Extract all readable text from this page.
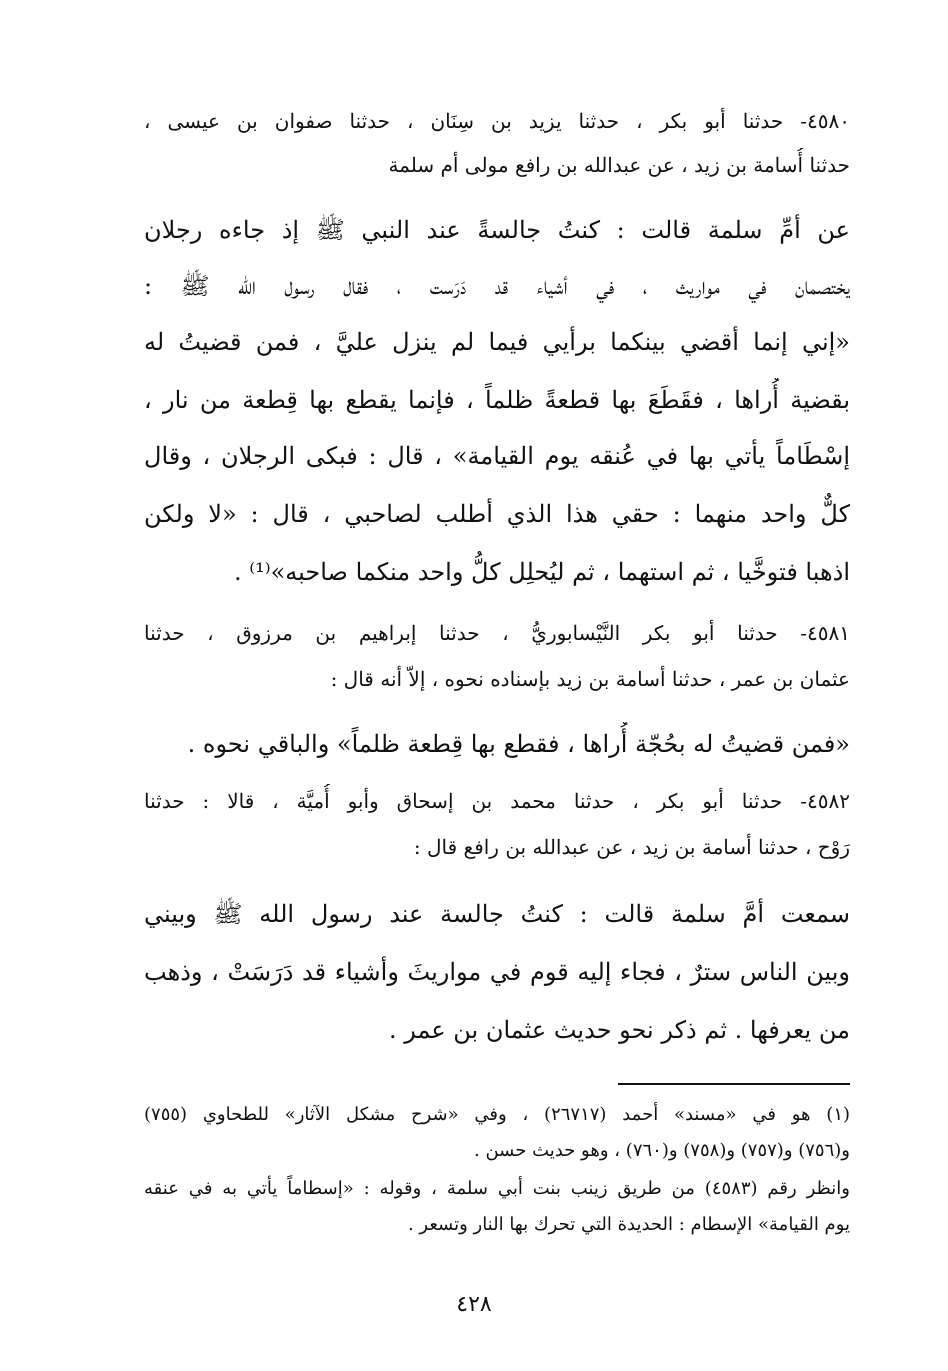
٤٥٨٠- حدثنا أبو بكر ، حدثنا يزيد بن سِنَان ، حدثنا صفوان بن عيسى ،
حدثنا أُسامة بن زيد ، عن عبدالله بن رافع مولى أم سلمة
عن أمِّ سلمة قالت : كنتُ جالسةً عند النبي ﷺ إذ جاءه رجلان
يختصمان في مواريث ، في أشياء قد دَرَست ، فقال رسول الله ﷺ :
«إني إنما أقضي بينكما برأيي فيما لم ينزل عليَّ ، فمن قضيتُ له
بقضية أُراها ، فقَطَعَ بها قطعةً ظلماً ، فإنما يقطع بها قِطعة من نار ،
إسْطَاماً يأتي بها في عُنقه يوم القيامة» ، قال : فبكى الرجلان ، وقال
كلٌّ واحد منهما : حقي هذا الذي أطلب لصاحبي ، قال : «لا ولكن
اذهبا فتوخَّيا ، ثم استهما ، ثم ليُحلِل كلُّ واحد منكما صاحبه»⁽¹⁾ .
٤٥٨١- حدثنا أبو بكر النَّيْسابوريُّ ، حدثنا إبراهيم بن مرزوق ، حدثنا
عثمان بن عمر ، حدثنا أسامة بن زيد بإسناده نحوه ، إلاّ أنه قال :
«فمن قضيتُ له بحُجّة أُراها ، فقطع بها قِطعة ظلماً» والباقي نحوه .
٤٥٨٢- حدثنا أبو بكر ، حدثنا محمد بن إسحاق وأبو أُميَّة ، قالا : حدثنا
رَوْح ، حدثنا أسامة بن زيد ، عن عبدالله بن رافع قال :
سمعت أمَّ سلمة قالت : كنتُ جالسة عند رسول الله ﷺ وبيني
وبين الناس سترٌ ، فجاء إليه قوم في مواريثَ وأشياء قد دَرَسَتْ ، وذهب
من يعرفها . ثم ذكر نحو حديث عثمان بن عمر .
(١) هو في «مسند» أحمد (٢٦٧١٧) ، وفي «شرح مشكل الآثار» للطحاوي (٧٥٥)
و(٧٥٦) و(٧٥٧) و(٧٥٨) و(٧٦٠) ، وهو حديث حسن .
وانظر رقم (٤٥٨٣) من طريق زينب بنت أبي سلمة ، وقوله : «إسطاماً يأتي به في عنقه
يوم القيامة» الإسطام : الحديدة التي تحرك بها النار وتسعر .
٤٢٨
